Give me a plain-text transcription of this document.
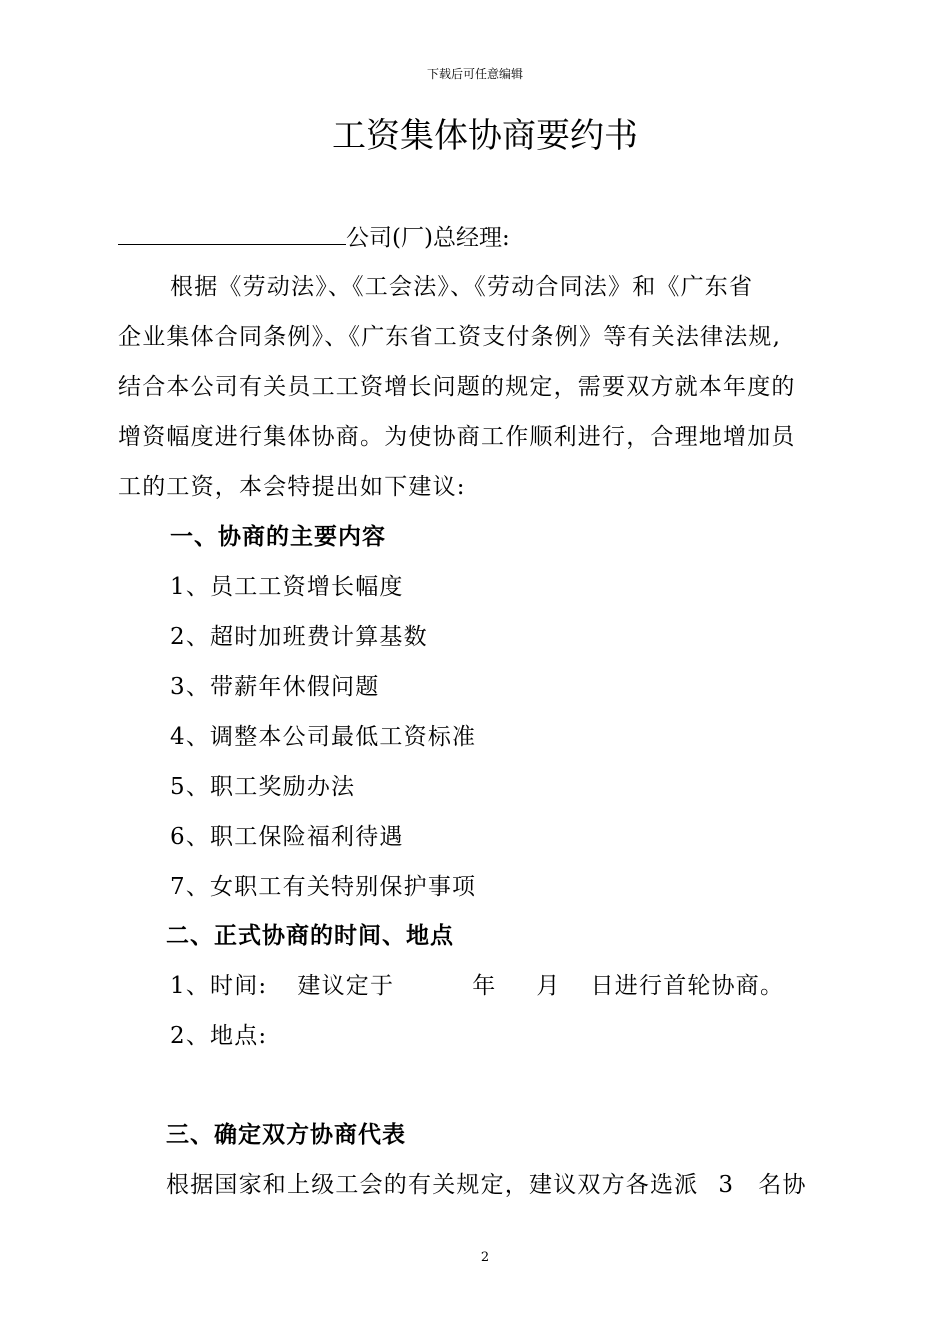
下载后可任意编辑
工资集体协商要约书
公司(厂)总经理:
根据《劳动法》、《工会法》、《劳动合同法》和《广东省
企业集体合同条例》、《广东省工资支付条例》等有关法律法规,
结合本公司有关员工工资增长问题的规定，需要双方就本年度的
增资幅度进行集体协商。为使协商工作顺利进行，合理地增加员
工的工资，本会特提出如下建议:
一、协商的主要内容
1、员工工资增长幅度
2、超时加班费计算基数
3、带薪年休假问题
4、调整本公司最低工资标准
5、职工奖励办法
6、职工保险福利待遇
7、女职工有关特别保护事项
二、正式协商的时间、地点
1、时间: 建议定于	年 月 日进行首轮协商。
2、地点:
三、确定双方协商代表
根据国家和上级工会的有关规定，建议双方各选派 3 名协
2
